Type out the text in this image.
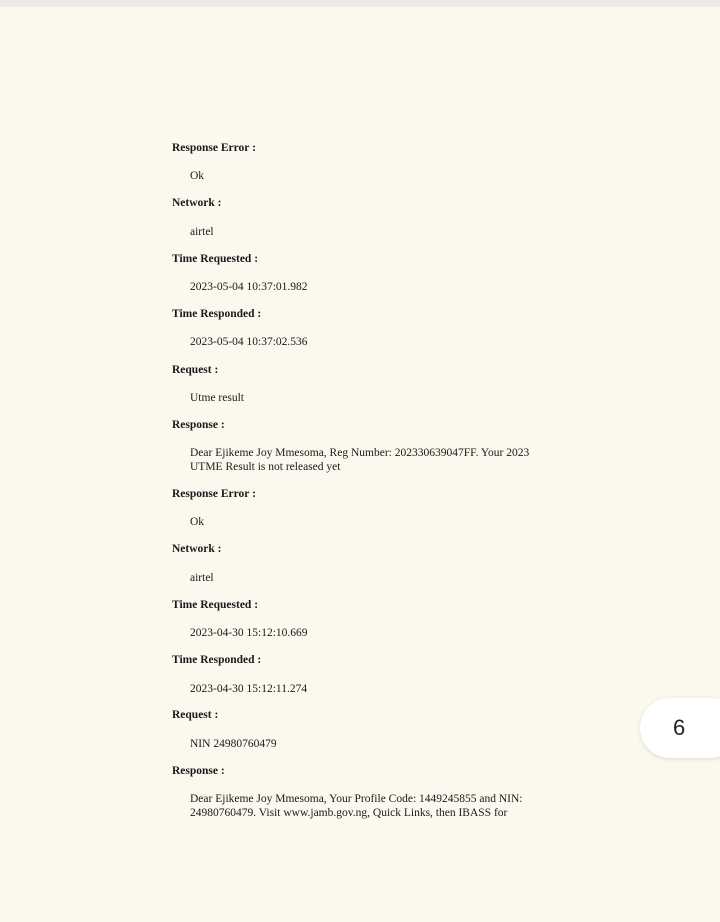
Response Error :
Ok
Network :
airtel
Time Requested :
2023-05-04 10:37:01.982
Time Responded :
2023-05-04 10:37:02.536
Request :
Utme result
Response :
Dear Ejikeme Joy Mmesoma, Reg Number: 202330639047FF. Your 2023
UTME Result is not released yet
Response Error :
Ok
Network :
airtel
Time Requested :
2023-04-30 15:12:10.669
Time Responded :
2023-04-30 15:12:11.274
Request :
NIN 24980760479
Response :
Dear Ejikeme Joy Mmesoma, Your Profile Code: 1449245855 and NIN:
24980760479. Visit www.jamb.gov.ng, Quick Links, then IBASS for
6
